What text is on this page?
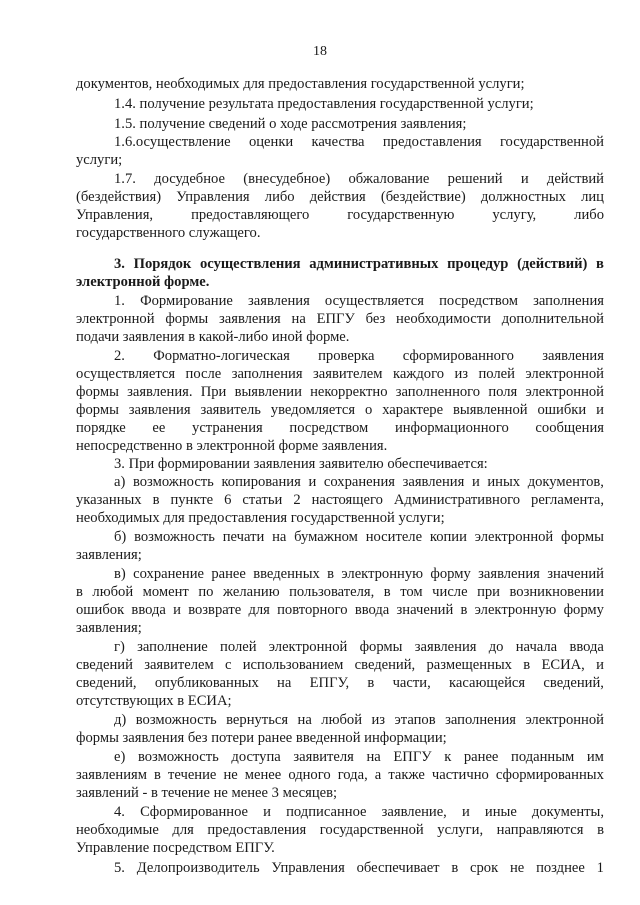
18
документов, необходимых для предоставления государственной услуги;
1.4. получение результата предоставления государственной услуги;
1.5. получение сведений о ходе рассмотрения заявления;
1.6.осуществление оценки качества предоставления государственной
услуги;
1.7. досудебное (внесудебное) обжалование решений и действий
(бездействия) Управления либо действия (бездействие) должностных лиц
Управления,	предоставляющего	государственную	услугу,	либо
государственного служащего.
3. Порядок осуществления административных процедур (действий) в
электронной форме.
1. Формирование заявления осуществляется посредством заполнения
электронной формы заявления на ЕПГУ без необходимости дополнительной
подачи заявления в какой-либо иной форме.
2. Форматно-логическая проверка сформированного заявления
осуществляется после заполнения заявителем каждого из полей электронной
формы заявления. При выявлении некорректно заполненного поля электронной
формы заявления заявитель уведомляется о характере выявленной ошибки и
порядке ее устранения посредством информационного сообщения
непосредственно в электронной форме заявления.
3. При формировании заявления заявителю обеспечивается:
а) возможность копирования и сохранения заявления и иных документов,
указанных в пункте 6 статьи 2 настоящего Административного регламента,
необходимых для предоставления государственной услуги;
б) возможность печати на бумажном носителе копии электронной формы
заявления;
в) сохранение ранее введенных в электронную форму заявления значений
в любой момент по желанию пользователя, в том числе при возникновении
ошибок ввода и возврате для повторного ввода значений в электронную форму
заявления;
г) заполнение полей электронной формы заявления до начала ввода
сведений заявителем с использованием сведений, размещенных в ЕСИА, и
сведений, опубликованных на ЕПГУ, в части, касающейся сведений,
отсутствующих в ЕСИА;
д) возможность вернуться на любой из этапов заполнения электронной
формы заявления без потери ранее введенной информации;
е) возможность доступа заявителя на ЕПГУ к ранее поданным им
заявлениям в течение не менее одного года, а также частично сформированных
заявлений - в течение не менее 3 месяцев;
4. Сформированное и подписанное заявление, и иные документы,
необходимые для предоставления государственной услуги, направляются в
Управление посредством ЕПГУ.
5. Делопроизводитель Управления обеспечивает в срок не позднее 1
